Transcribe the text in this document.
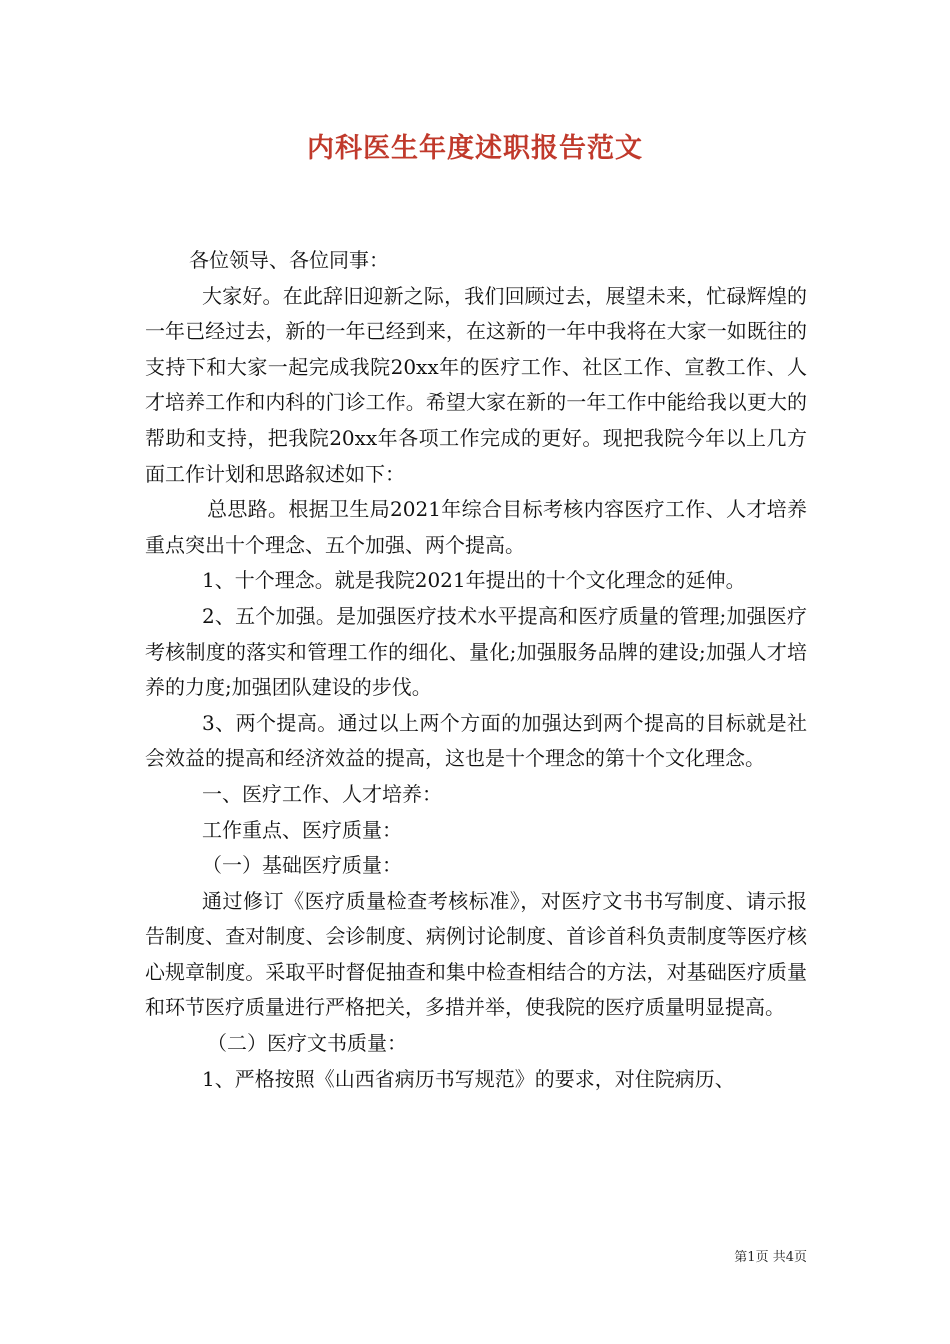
内科医生年度述职报告范文

各位领导、各位同事：

大家好。在此辞旧迎新之际，我们回顾过去，展望未来，忙碌辉煌的一年已经过去，新的一年已经到来，在这新的一年中我将在大家一如既往的支持下和大家一起完成我院20xx年的医疗工作、社区工作、宣教工作、人才培养工作和内科的门诊工作。希望大家在新的一年工作中能给我以更大的帮助和支持，把我院20xx年各项工作完成的更好。现把我院今年以上几方面工作计划和思路叙述如下：

总思路。根据卫生局2021年综合目标考核内容医疗工作、人才培养重点突出十个理念、五个加强、两个提高。

1、十个理念。就是我院2021年提出的十个文化理念的延伸。

2、五个加强。是加强医疗技术水平提高和医疗质量的管理;加强医疗考核制度的落实和管理工作的细化、量化;加强服务品牌的建设;加强人才培养的力度;加强团队建设的步伐。

3、两个提高。通过以上两个方面的加强达到两个提高的目标就是社会效益的提高和经济效益的提高，这也是十个理念的第十个文化理念。

一、医疗工作、人才培养：

工作重点、医疗质量：

（一）基础医疗质量：

通过修订《医疗质量检查考核标准》，对医疗文书书写制度、请示报告制度、查对制度、会诊制度、病例讨论制度、首诊首科负责制度等医疗核心规章制度。采取平时督促抽查和集中检查相结合的方法，对基础医疗质量和环节医疗质量进行严格把关，多措并举，使我院的医疗质量明显提高。

（二）医疗文书质量：

1、严格按照《山西省病历书写规范》的要求，对住院病历、

第1页 共4页
